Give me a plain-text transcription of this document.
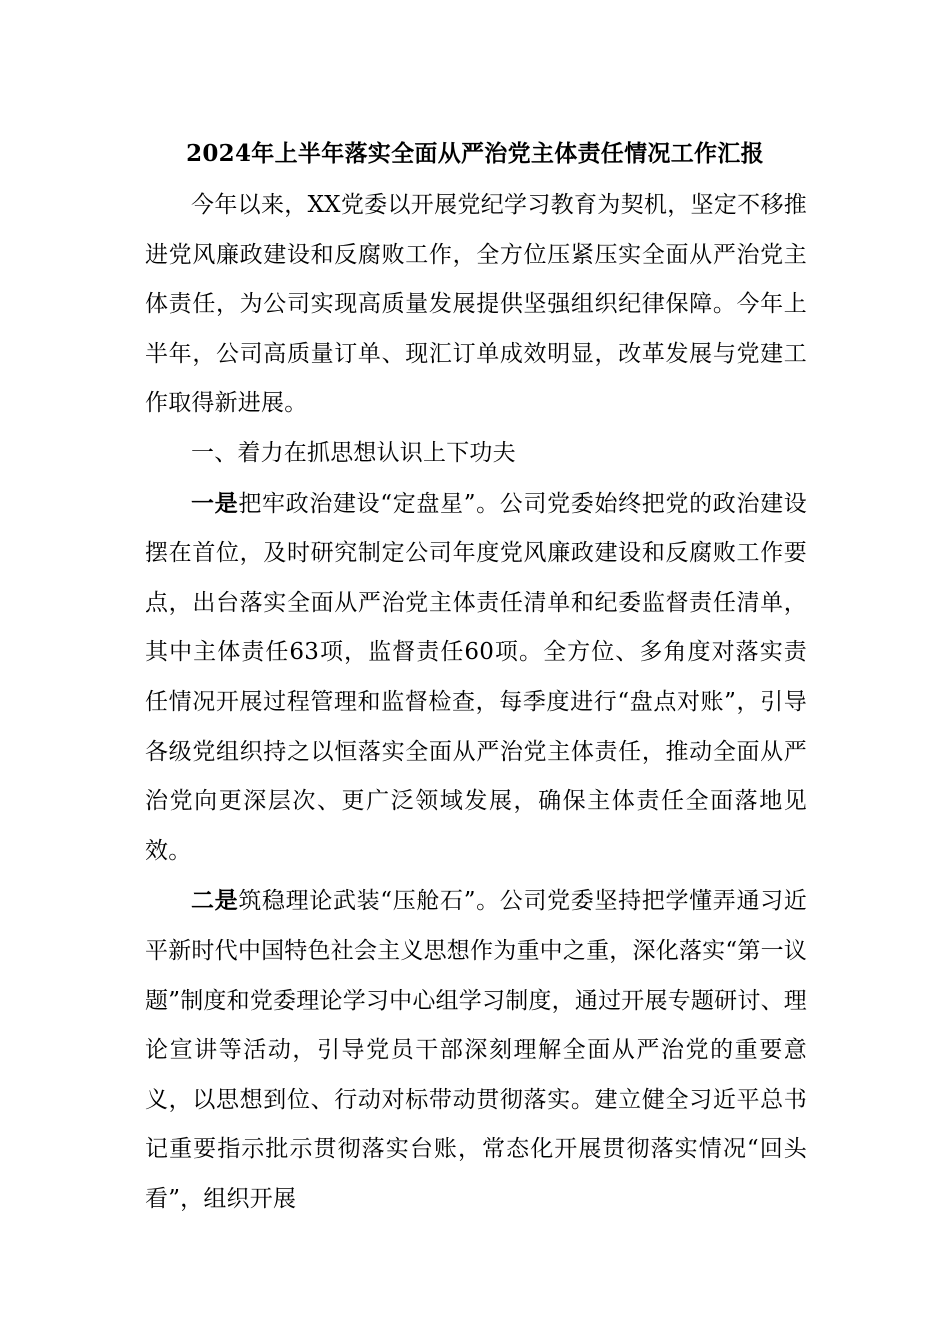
2024年上半年落实全面从严治党主体责任情况工作汇报

今年以来，XX党委以开展党纪学习教育为契机，坚定不移推进党风廉政建设和反腐败工作，全方位压紧压实全面从严治党主体责任，为公司实现高质量发展提供坚强组织纪律保障。今年上半年，公司高质量订单、现汇订单成效明显，改革发展与党建工作取得新进展。

一、着力在抓思想认识上下功夫

一是把牢政治建设“定盘星”。公司党委始终把党的政治建设摆在首位，及时研究制定公司年度党风廉政建设和反腐败工作要点，出台落实全面从严治党主体责任清单和纪委监督责任清单，其中主体责任63项，监督责任60项。全方位、多角度对落实责任情况开展过程管理和监督检查，每季度进行“盘点对账”，引导各级党组织持之以恒落实全面从严治党主体责任，推动全面从严治党向更深层次、更广泛领域发展，确保主体责任全面落地见效。

二是筑稳理论武装“压舱石”。公司党委坚持把学懂弄通习近平新时代中国特色社会主义思想作为重中之重，深化落实“第一议题”制度和党委理论学习中心组学习制度，通过开展专题研讨、理论宣讲等活动，引导党员干部深刻理解全面从严治党的重要意义，以思想到位、行动对标带动贯彻落实。建立健全习近平总书记重要指示批示贯彻落实台账，常态化开展贯彻落实情况“回头看”，组织开展
